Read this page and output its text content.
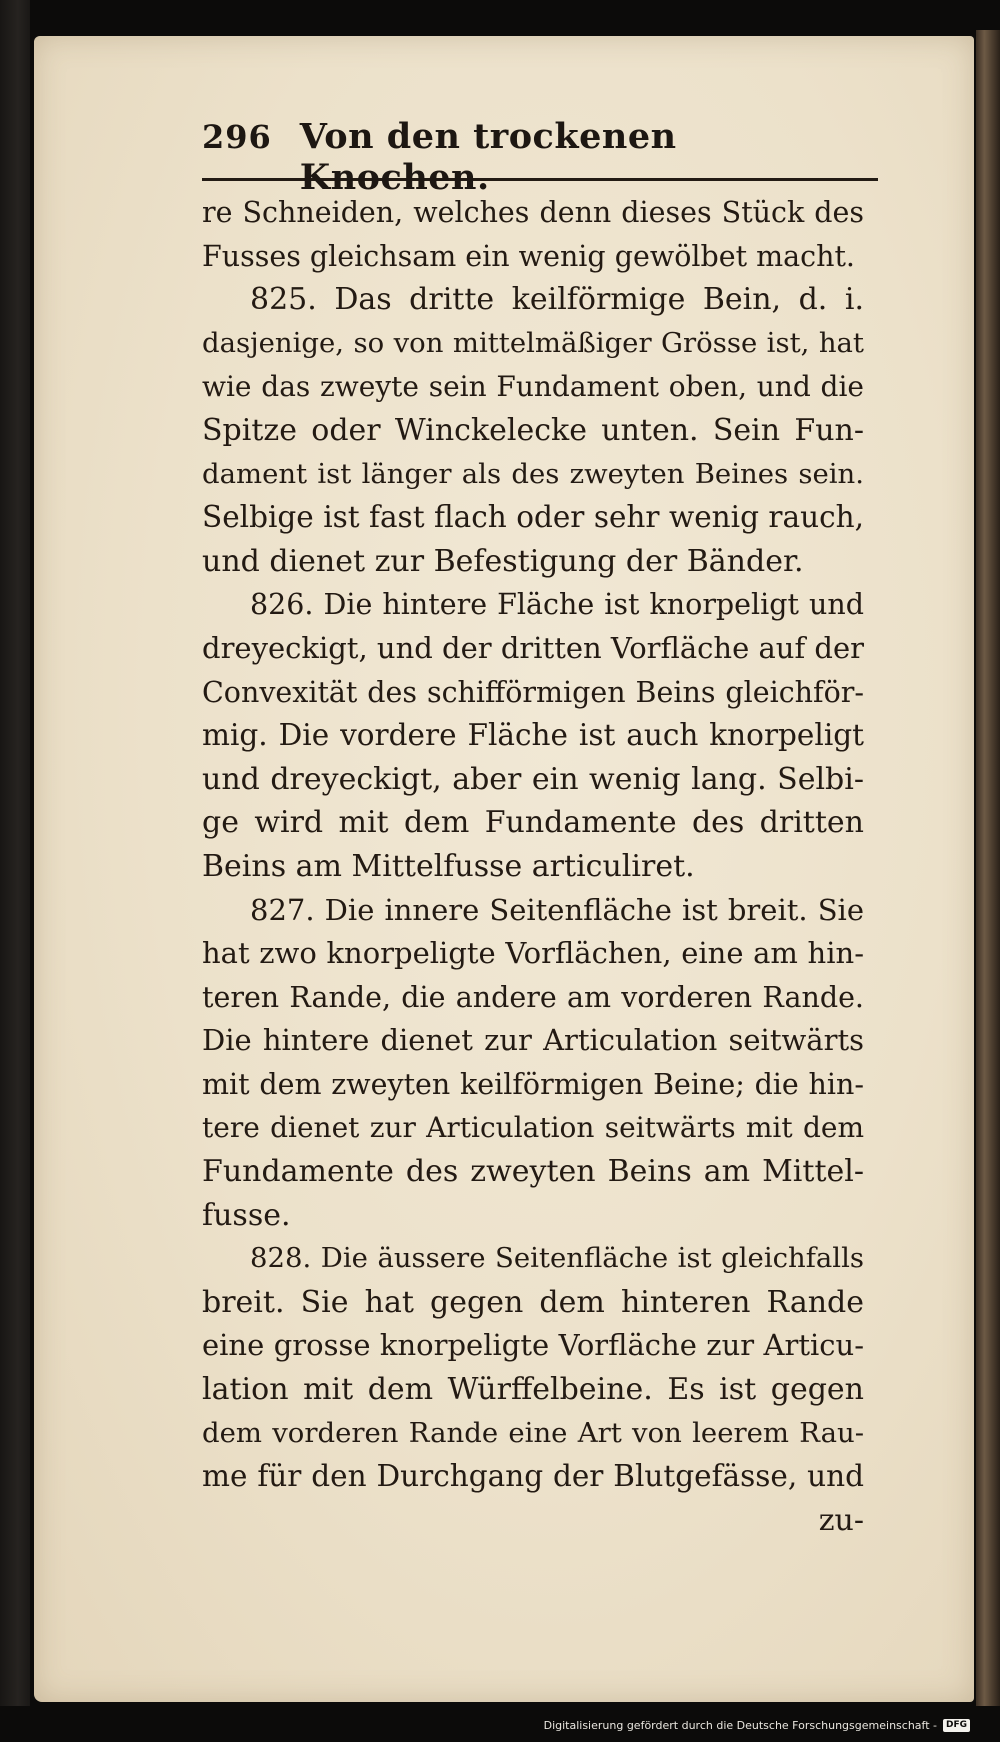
296 Von den trockenen Knochen.
re Schneiden, welches denn dieses Stück des
Fusses gleichsam ein wenig gewölbet macht.
825. Das dritte keilförmige Bein, d. i.
dasjenige, so von mittelmäßiger Grösse ist, hat
wie das zweyte sein Fundament oben, und die
Spitze oder Winckelecke unten. Sein Fun-
dament ist länger als des zweyten Beines sein.
Selbige ist fast flach oder sehr wenig rauch,
und dienet zur Befestigung der Bänder.
826. Die hintere Fläche ist knorpeligt und
dreyeckigt, und der dritten Vorfläche auf der
Convexität des schifförmigen Beins gleichför-
mig. Die vordere Fläche ist auch knorpeligt
und dreyeckigt, aber ein wenig lang. Selbi-
ge wird mit dem Fundamente des dritten
Beins am Mittelfusse articuliret.
827. Die innere Seitenfläche ist breit. Sie
hat zwo knorpeligte Vorflächen, eine am hin-
teren Rande, die andere am vorderen Rande.
Die hintere dienet zur Articulation seitwärts
mit dem zweyten keilförmigen Beine; die hin-
tere dienet zur Articulation seitwärts mit dem
Fundamente des zweyten Beins am Mittel-
fusse.
828. Die äussere Seitenfläche ist gleichfalls
breit. Sie hat gegen dem hinteren Rande
eine grosse knorpeligte Vorfläche zur Articu-
lation mit dem Würffelbeine. Es ist gegen
dem vorderen Rande eine Art von leerem Rau-
me für den Durchgang der Blutgefässe, und
zu-
Digitalisierung gefördert durch die Deutsche Forschungsgemeinschaft -	DFG
